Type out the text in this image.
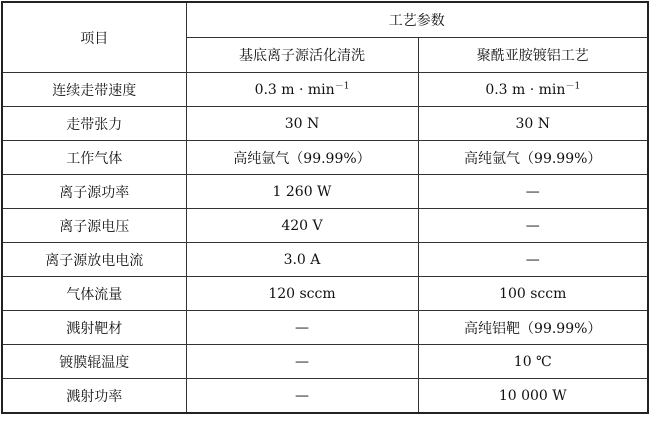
项目	工艺参数	
	基底离子源活化清洗	聚酰亚胺镀铝工艺
连续走带速度	0.3 $m \cdot \min^{-1}$	0.3 $m \cdot \min^{-1}$
走带张力	30 N	30 N
工作气体	高纯氩气（99.99%）	高纯氩气（99.99%）
离子源功率	1 260 W	—
离子源电压	420 V	—
离子源放电电流	3.0 A	—
气体流量	120 sccm	100 sccm
溅射靶材	—	高纯铝靶（99.99%）
镀膜辊温度	—	10 ℃
溅射功率	—	10 000 W
